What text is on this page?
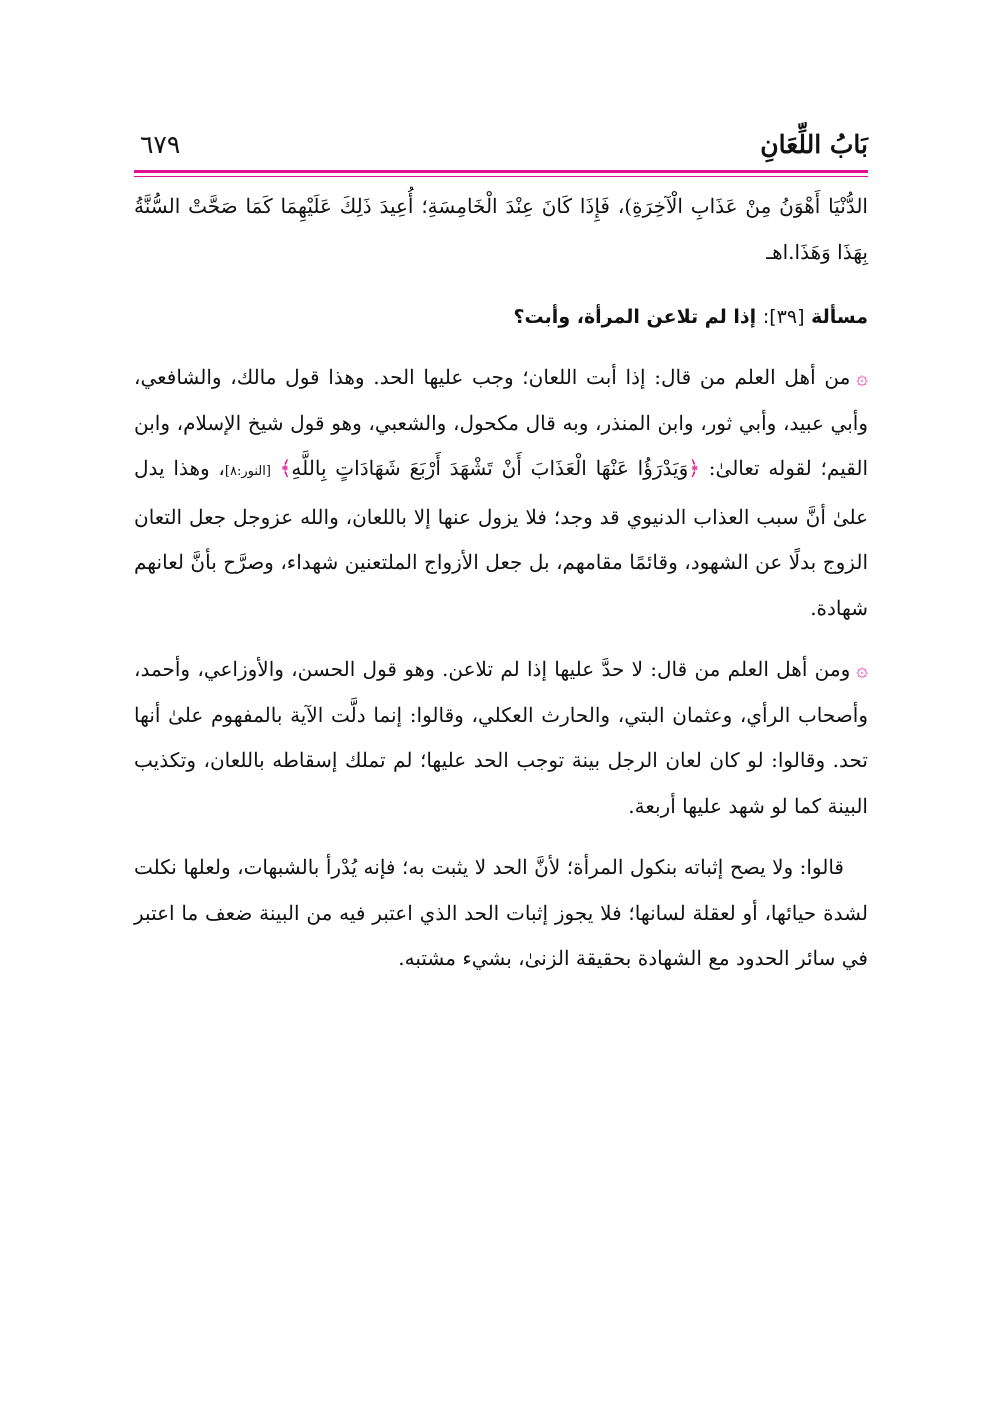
بَابُ اللِّعَانِ
٦٧٩

الدُّنْيَا أَهْوَنُ مِنْ عَذَابِ الْآخِرَةِ)، فَإِذَا كَانَ عِنْدَ الْخَامِسَةِ؛ أُعِيدَ ذَلِكَ عَلَيْهِمَا كَمَا صَحَّتْ السُّنَّةُ بِهَذَا وَهَذَا.اهـ

مسألة [٣٩]: إذا لم تلاعن المرأة، وأبت؟

۞من أهل العلم من قال: إذا أبت اللعان؛ وجب عليها الحد. وهذا قول مالك، والشافعي، وأبي عبيد، وأبي ثور، وابن المنذر، وبه قال مكحول، والشعبي، وهو قول شيخ الإسلام، وابن القيم؛ لقوله تعالىٰ: ﴿وَيَدْرَؤُا عَنْهَا الْعَذَابَ أَنْ تَشْهَدَ أَرْبَعَ شَهَادَاتٍ بِاللَّهِ﴾ [النور:٨]، وهذا يدل علىٰ أنَّ سبب العذاب الدنيوي قد وجد؛ فلا يزول عنها إلا باللعان، والله عزوجل جعل التعان الزوج بدلًا عن الشهود، وقائمًا مقامهم، بل جعل الأزواج الملتعنين شهداء، وصرَّح بأنَّ لعانهم شهادة.

۞ومن أهل العلم من قال: لا حدَّ عليها إذا لم تلاعن. وهو قول الحسن، والأوزاعي، وأحمد، وأصحاب الرأي، وعثمان البتي، والحارث العكلي، وقالوا: إنما دلَّت الآية بالمفهوم علىٰ أنها تحد. وقالوا: لو كان لعان الرجل بينة توجب الحد عليها؛ لم تملك إسقاطه باللعان، وتكذيب البينة كما لو شهد عليها أربعة.

قالوا: ولا يصح إثباته بنكول المرأة؛ لأنَّ الحد لا يثبت به؛ فإنه يُدْرأ بالشبهات، ولعلها نكلت لشدة حيائها، أو لعقلة لسانها؛ فلا يجوز إثبات الحد الذي اعتبر فيه من البينة ضعف ما اعتبر في سائر الحدود مع الشهادة بحقيقة الزنىٰ، بشيء مشتبه.
